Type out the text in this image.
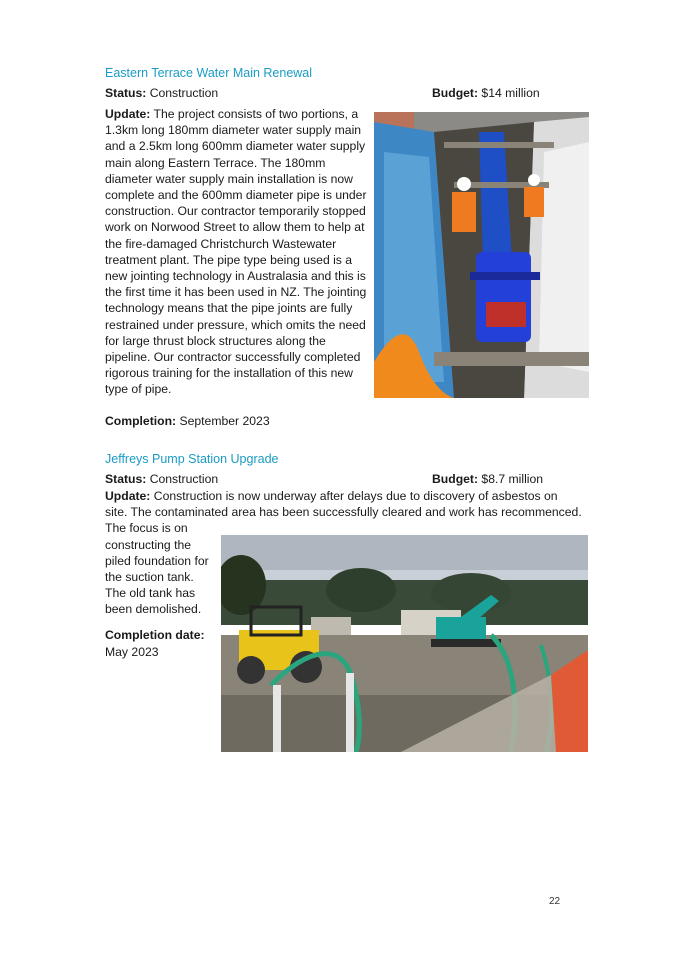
Eastern Terrace Water Main Renewal
Status: Construction	Budget: $14 million
Update: The project consists of two portions, a
1.3km long 180mm diameter water supply main
and a 2.5km long 600mm diameter water supply
main along Eastern Terrace. The 180mm
diameter water supply main installation is now
complete and the 600mm diameter pipe is under
construction. Our contractor temporarily stopped
work on Norwood Street to allow them to help at
the fire-damaged Christchurch Wastewater
treatment plant. The pipe type being used is a
new jointing technology in Australasia and this is
the first time it has been used in NZ. The jointing
technology means that the pipe joints are fully
restrained under pressure, which omits the need
for large thrust block structures along the
pipeline. Our contractor successfully completed
rigorous training for the installation of this new
type of pipe.
Completion: September 2023
Jeffreys Pump Station Upgrade
Status: Construction	Budget: $8.7 million
Update: Construction is now underway after delays due to discovery of asbestos on
site. The contaminated area has been successfully cleared and work has recommenced.
The focus is on
constructing the
piled foundation for
the suction tank.
The old tank has
been demolished.
Completion date:
May 2023
22
